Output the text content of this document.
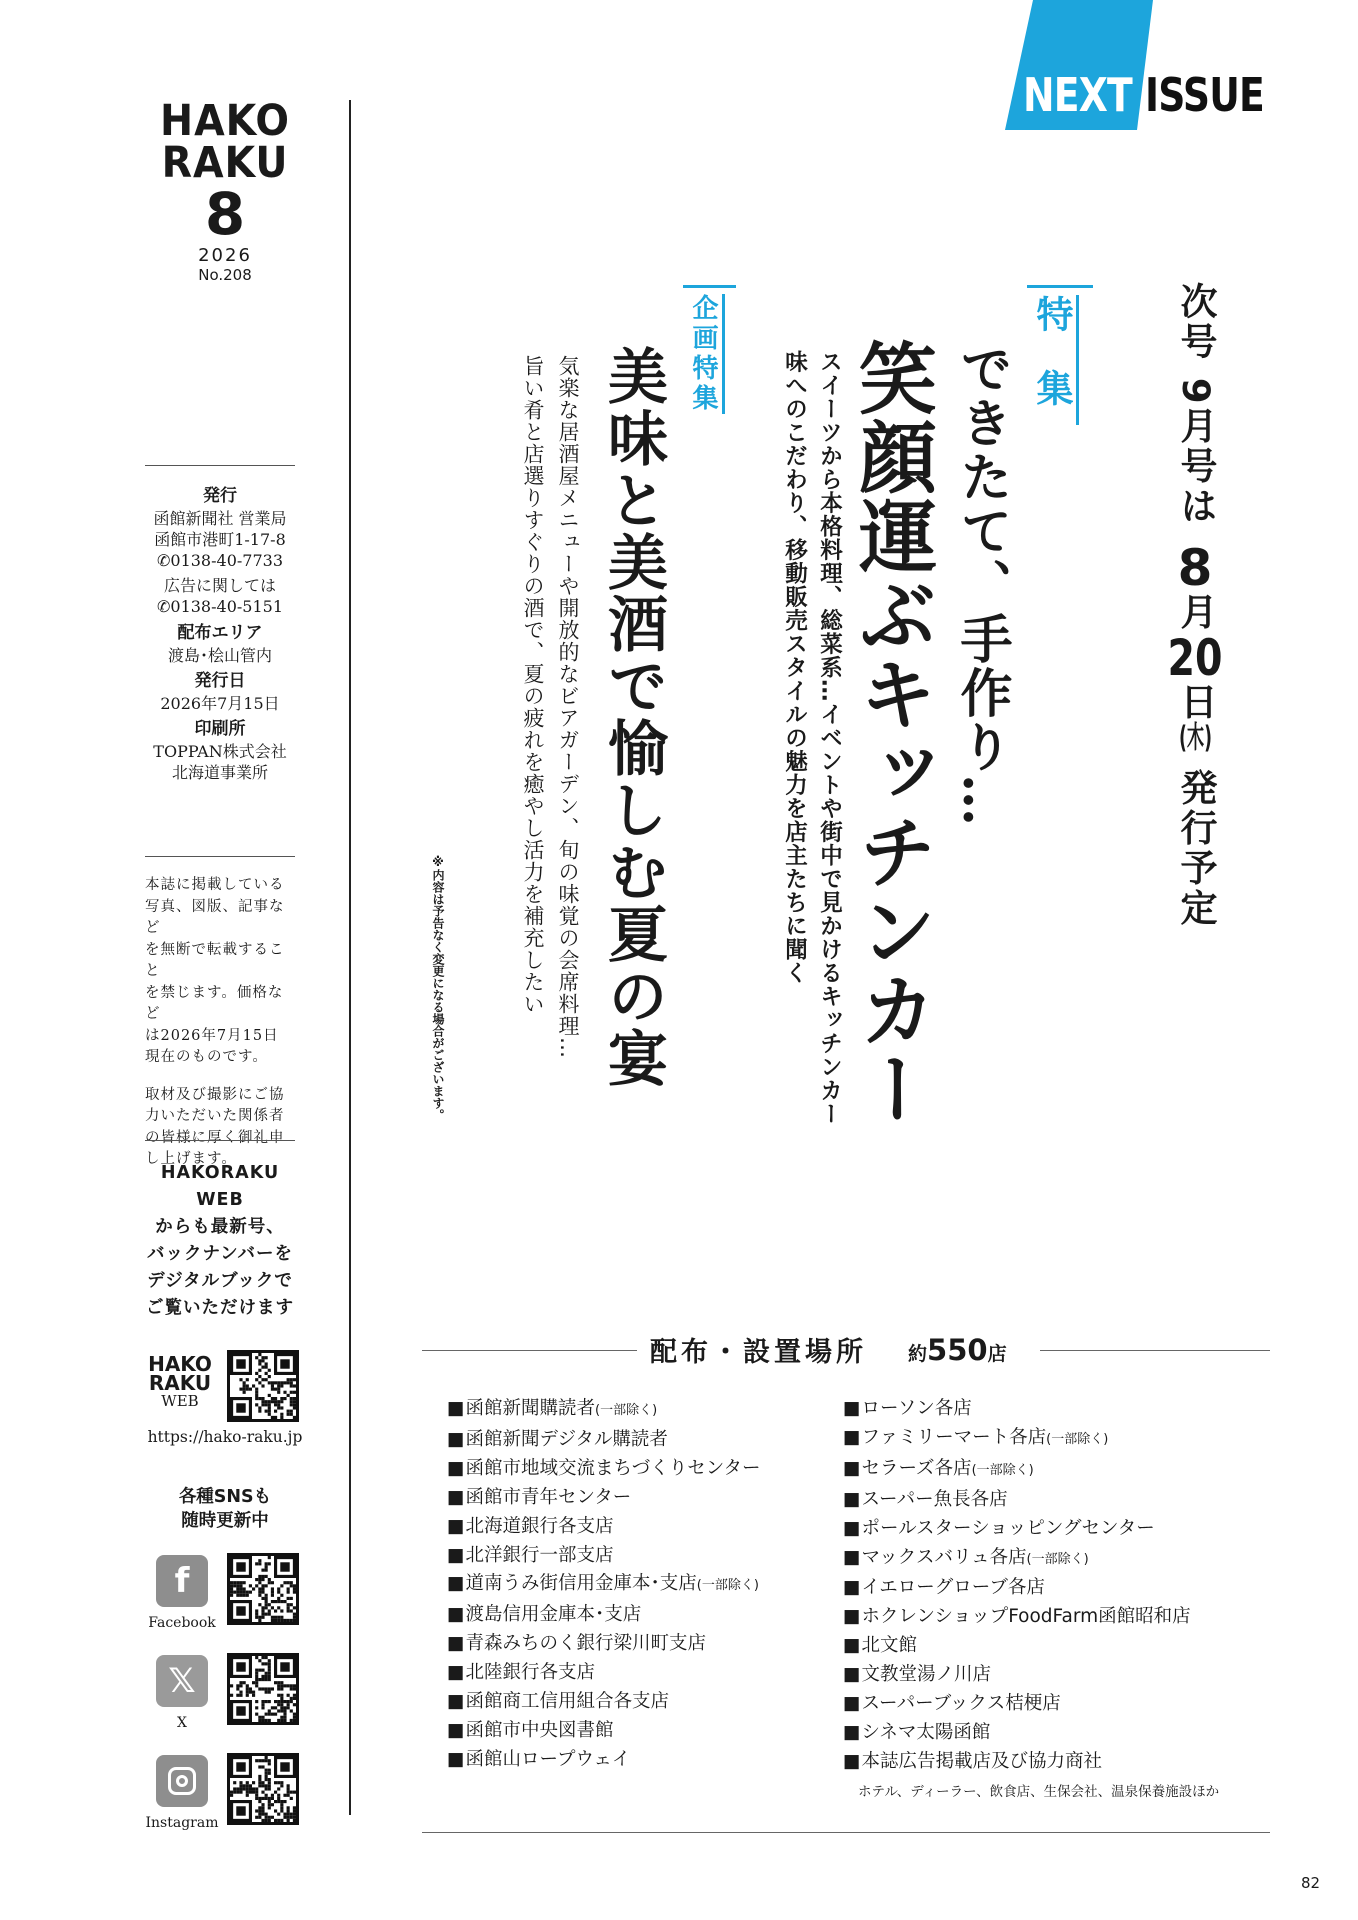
HAKO
RAKU
8
2026
No.208
発行
函館新聞社 営業局
函館市港町1-17-8
✆0138-40-7733
広告に関しては
✆0138-40-5151
配布エリア
渡島･桧山管内
発行日
2026年7月15日
印刷所
TOPPAN株式会社
北海道事業所
本誌に掲載している
写真、図版、記事など
を無断で転載すること
を禁じます。価格など
は2026年7月15日
現在のものです。
取材及び撮影にご協
力いただいた関係者
の皆様に厚く御礼申
し上げます。
HAKORAKU
WEB
からも最新号、
バックナンバーを
デジタルブックで
ご覧いただけます
HAKO
RAKU
WEB
https://hako-raku.jp
各種SNSも
随時更新中
f
Facebook
𝕏
X
Instagram
NEXT ISSUE
次号 9月号は 8月20日(木) 発行予定
特 集
できたて、手作り…
笑顔運ぶキッチンカー
スイーツから本格料理、総菜系…イベントや街中で見かけるキッチンカー
味へのこだわり、移動販売スタイルの魅力を店主たちに聞く
企画特集
美味と美酒で愉しむ夏の宴
気楽な居酒屋メニューや開放的なビアガーデン、旬の味覚の会席料理…
旨い肴と店選りすぐりの酒で、夏の疲れを癒やし活力を補充したい
※内容は予告なく変更になる場合がございます。
配布・設置場所 約550店
■ 函館新聞購読者(一部除く)
■ 函館新聞デジタル購読者
■ 函館市地域交流まちづくりセンター
■ 函館市青年センター
■ 北海道銀行各支店
■ 北洋銀行一部支店
■ 道南うみ街信用金庫本･支店(一部除く)
■ 渡島信用金庫本･支店
■ 青森みちのく銀行梁川町支店
■ 北陸銀行各支店
■ 函館商工信用組合各支店
■ 函館市中央図書館
■ 函館山ロープウェイ
■ ローソン各店
■ ファミリーマート各店(一部除く)
■ セラーズ各店(一部除く)
■ スーパー魚長各店
■ ポールスターショッピングセンター
■ マックスバリュ各店(一部除く)
■ イエローグローブ各店
■ ホクレンショップFoodFarm函館昭和店
■ 北文館
■ 文教堂湯ノ川店
■ スーパーブックス桔梗店
■ シネマ太陽函館
■ 本誌広告掲載店及び協力商社
ホテル、ディーラー、飲食店、生保会社、温泉保養施設ほか
82
